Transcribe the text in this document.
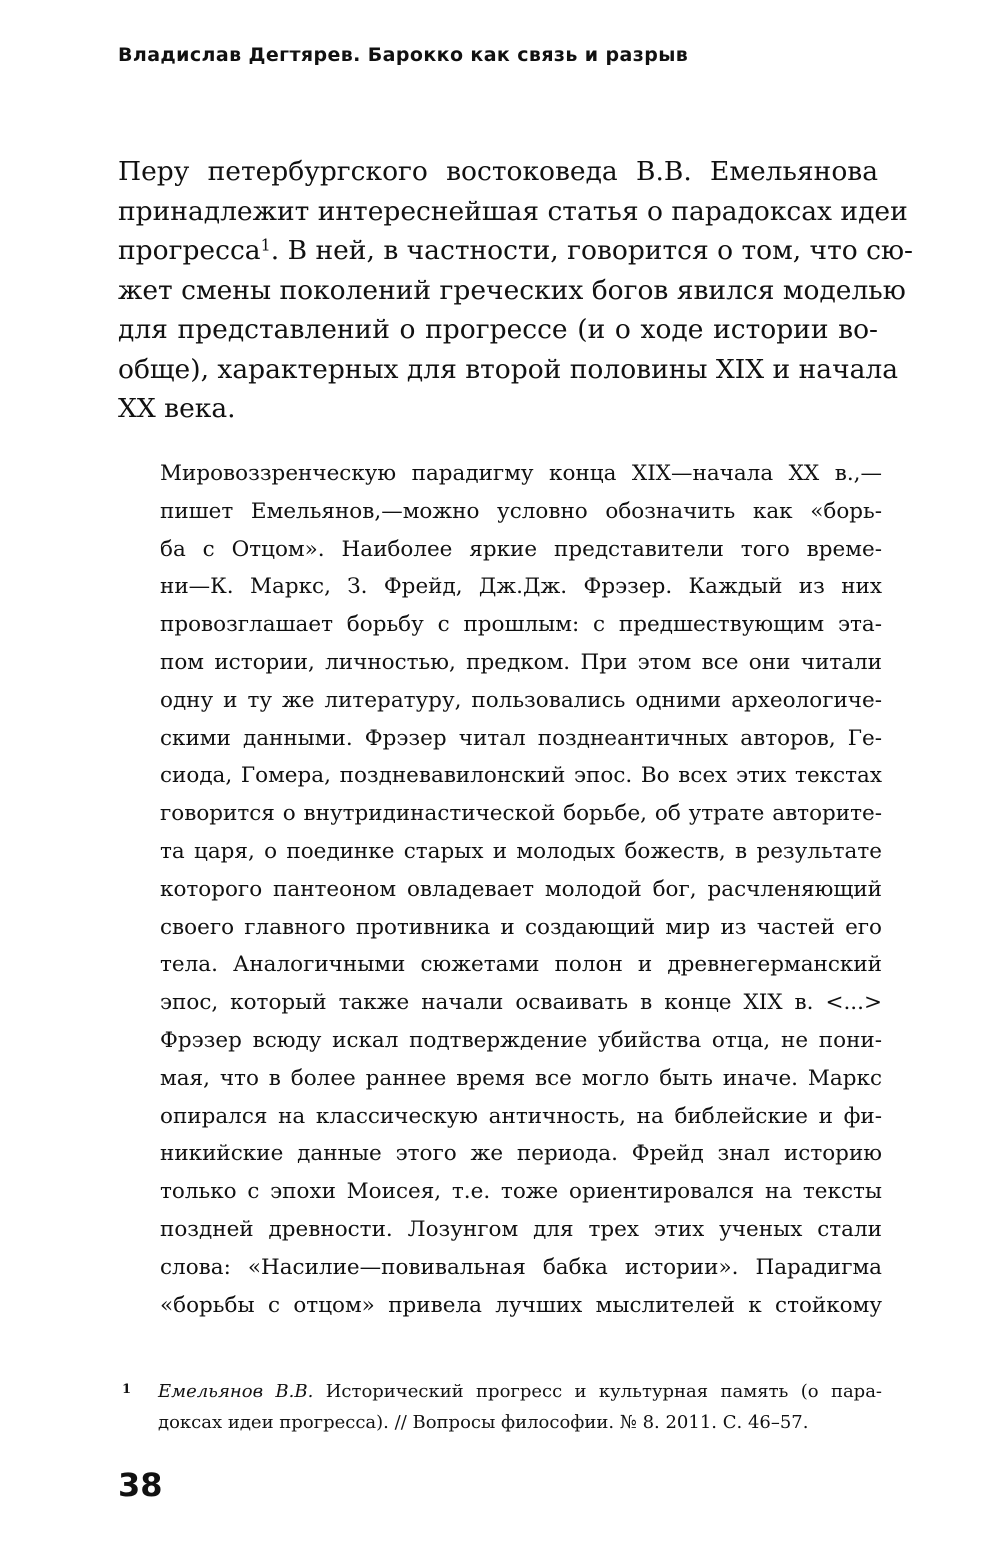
Владислав Дегтярев. Барокко как связь и разрыв
Перу петербургского востоковеда В.В. Емельянова
принадлежит интереснейшая статья о парадоксах идеи
прогресса$^1$. В ней, в частности, говорится о том, что сю-
жет смены поколений греческих богов явился моделью
для представлений о прогрессе (и о ходе истории во-
обще), характерных для второй половины XIX и начала
XX века.
Мировоззренческую парадигму конца XIX—начала XX в.,—
пишет Емельянов,—можно условно обозначить как «борь-
ба с Отцом». Наиболее яркие представители того време-
ни—К. Маркс, З. Фрейд, Дж.Дж. Фрэзер. Каждый из них
провозглашает борьбу с прошлым: с предшествующим эта-
пом истории, личностью, предком. При этом все они читали
одну и ту же литературу, пользовались одними археологиче-
скими данными. Фрэзер читал позднеантичных авторов, Ге-
сиода, Гомера, поздневавилонский эпос. Во всех этих текстах
говорится о внутридинастической борьбе, об утрате авторите-
та царя, о поединке старых и молодых божеств, в результате
которого пантеоном овладевает молодой бог, расчленяющий
своего главного противника и создающий мир из частей его
тела. Аналогичными сюжетами полон и древнегерманский
эпос, который также начали осваивать в конце XIX в. <...>
Фрэзер всюду искал подтверждение убийства отца, не пони-
мая, что в более раннее время все могло быть иначе. Маркс
опирался на классическую античность, на библейские и фи-
никийские данные этого же периода. Фрейд знал историю
только с эпохи Моисея, т.е. тоже ориентировался на тексты
поздней древности. Лозунгом для трех этих ученых стали
слова: «Насилие—повивальная бабка истории». Парадигма
«борьбы с отцом» привела лучших мыслителей к стойкому
1 Емельянов В.В. Исторический прогресс и культурная память (о пара-
доксах идеи прогресса). // Вопросы философии. № 8. 2011. С. 46–57.
38
